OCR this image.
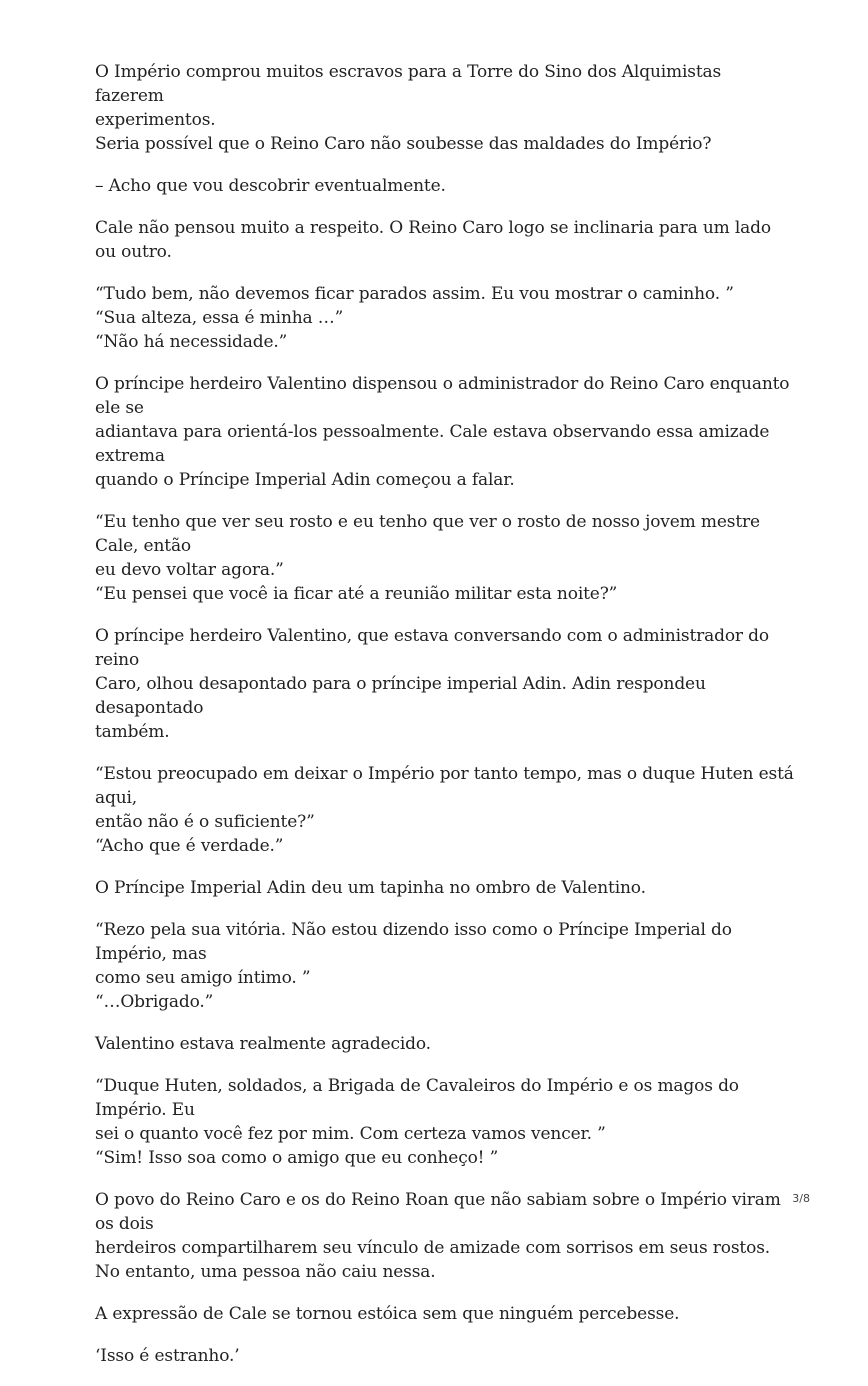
O Império comprou muitos escravos para a Torre do Sino dos Alquimistas fazerem
experimentos.
Seria possível que o Reino Caro não soubesse das maldades do Império?

– Acho que vou descobrir eventualmente.

Cale não pensou muito a respeito. O Reino Caro logo se inclinaria para um lado ou outro.

“Tudo bem, não devemos ficar parados assim. Eu vou mostrar o caminho. ”
“Sua alteza, essa é minha …”
“Não há necessidade.”

O príncipe herdeiro Valentino dispensou o administrador do Reino Caro enquanto ele se
adiantava para orientá-los pessoalmente. Cale estava observando essa amizade extrema
quando o Príncipe Imperial Adin começou a falar.

“Eu tenho que ver seu rosto e eu tenho que ver o rosto de nosso jovem mestre Cale, então
eu devo voltar agora.”
“Eu pensei que você ia ficar até a reunião militar esta noite?”

O príncipe herdeiro Valentino, que estava conversando com o administrador do reino
Caro, olhou desapontado para o príncipe imperial Adin. Adin respondeu desapontado
também.

“Estou preocupado em deixar o Império por tanto tempo, mas o duque Huten está aqui,
então não é o suficiente?”
“Acho que é verdade.”

O Príncipe Imperial Adin deu um tapinha no ombro de Valentino.

“Rezo pela sua vitória. Não estou dizendo isso como o Príncipe Imperial do Império, mas
como seu amigo íntimo. ”
“…Obrigado.”

Valentino estava realmente agradecido.

“Duque Huten, soldados, a Brigada de Cavaleiros do Império e os magos do Império. Eu
sei o quanto você fez por mim. Com certeza vamos vencer. ”
“Sim! Isso soa como o amigo que eu conheço! ”

O povo do Reino Caro e os do Reino Roan que não sabiam sobre o Império viram os dois
herdeiros compartilharem seu vínculo de amizade com sorrisos em seus rostos.
No entanto, uma pessoa não caiu nessa.

A expressão de Cale se tornou estóica sem que ninguém percebesse.

‘Isso é estranho.’

3/8
